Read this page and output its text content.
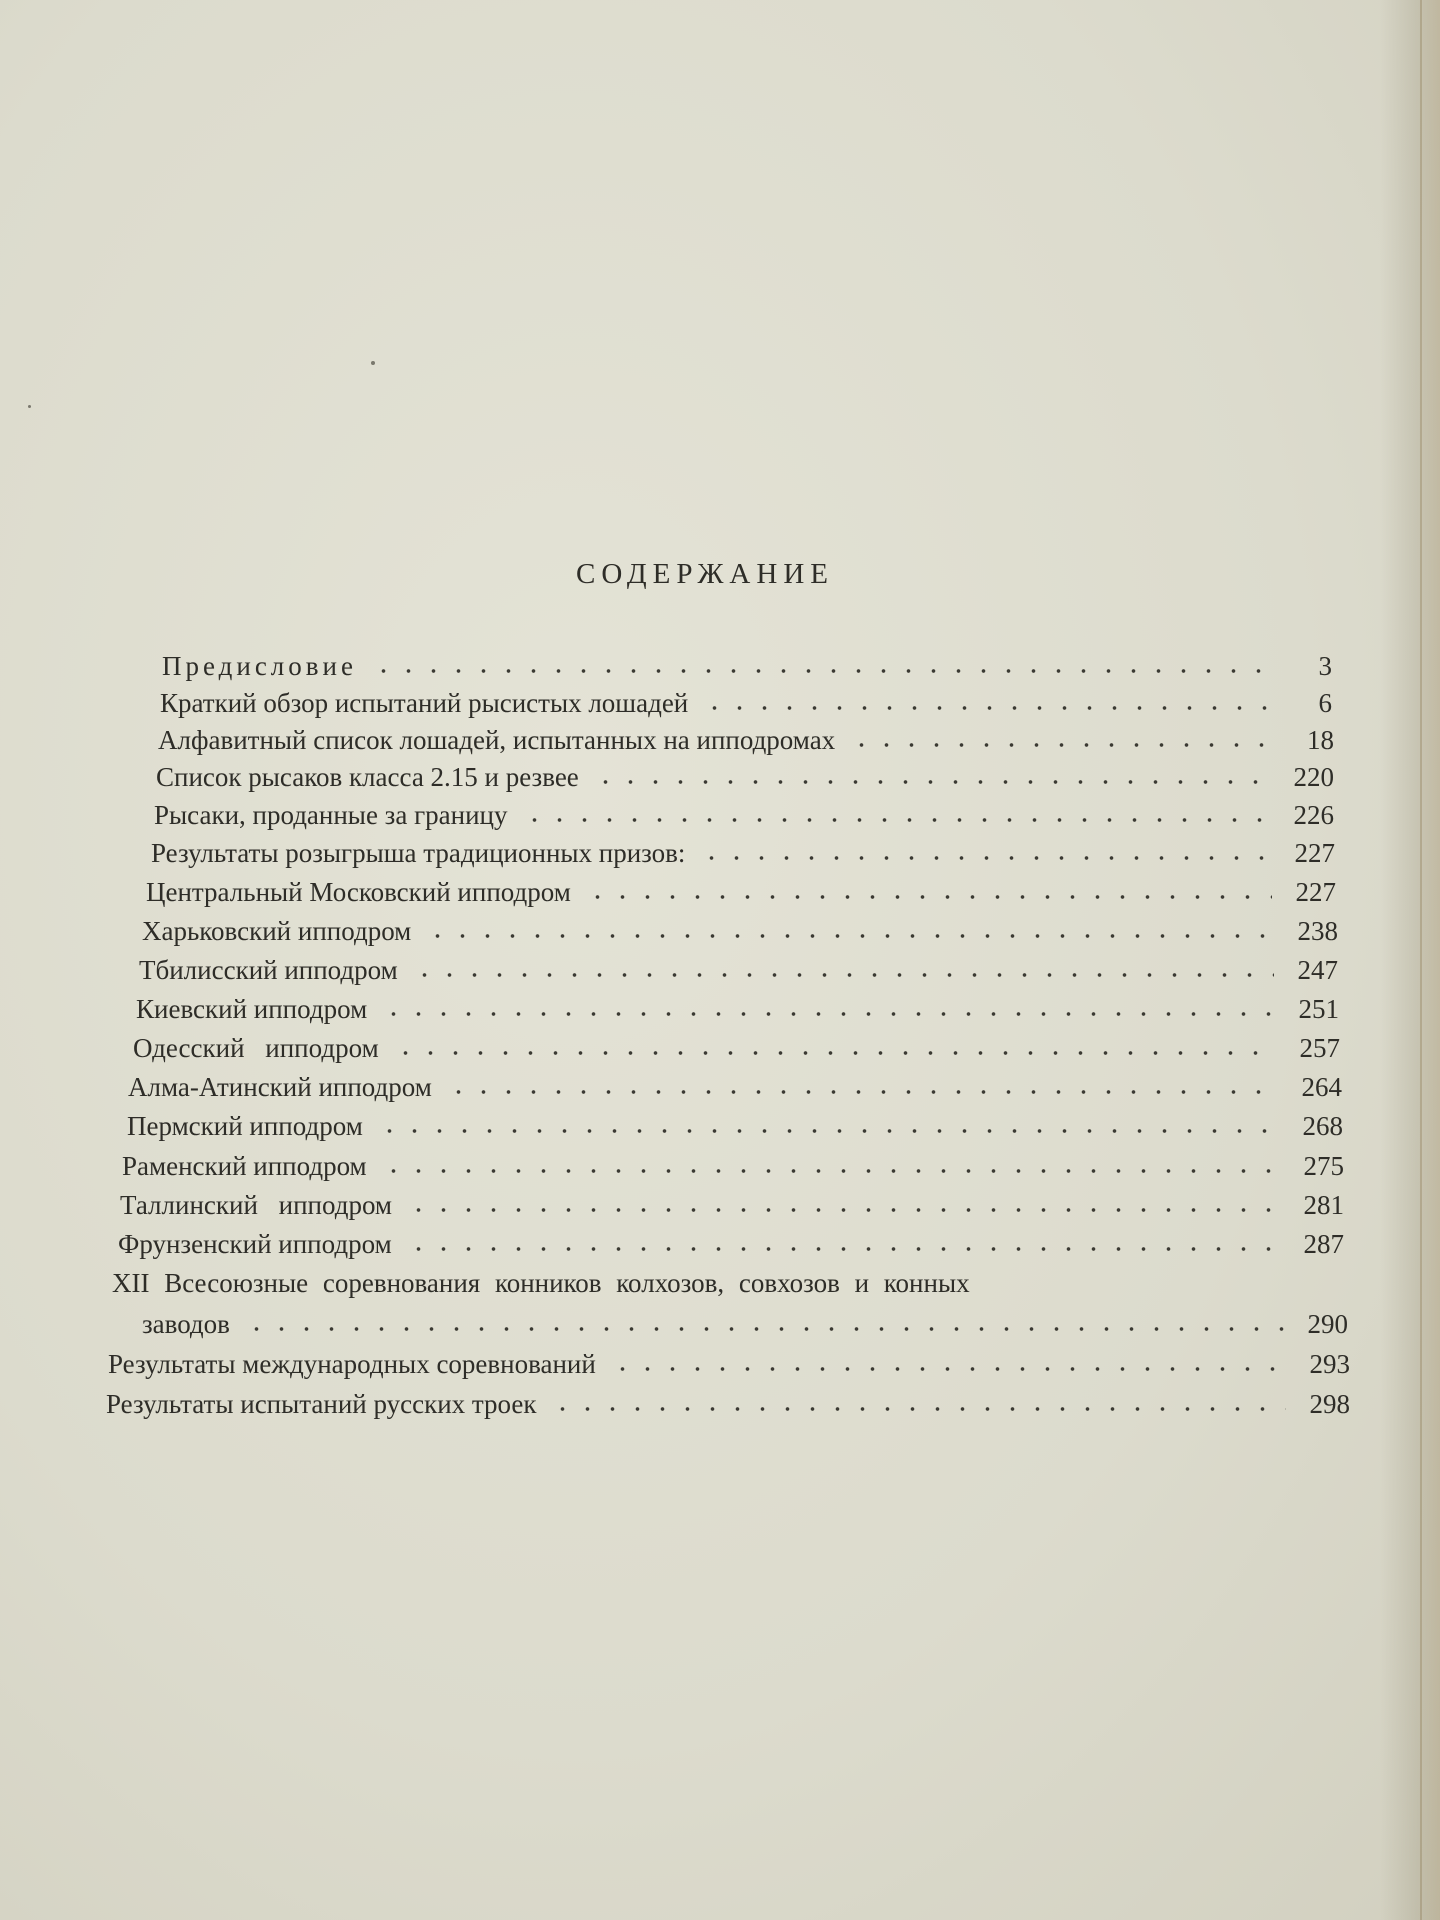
СОДЕРЖАНИЕ
Предисловие	3
Краткий обзор испытаний рысистых лошадей	6
Алфавитный список лошадей, испытанных на ипподромах	18
Список рысаков класса 2.15 и резвее	220
Рысаки, проданные за границу	226
Результаты розыгрыша традиционных призов:	227
Центральный Московский ипподром	227
Харьковский ипподром	238
Тбилисский ипподром	247
Киевский ипподром	251
Одесский ипподром	257
Алма-Атинский ипподром	264
Пермский ипподром	268
Раменский ипподром	275
Таллинский ипподром	281
Фрунзенский ипподром	287
XII Всесоюзные соревнования конников колхозов, совхозов и конных
заводов	290
Результаты международных соревнований	293
Результаты испытаний русских троек	298
